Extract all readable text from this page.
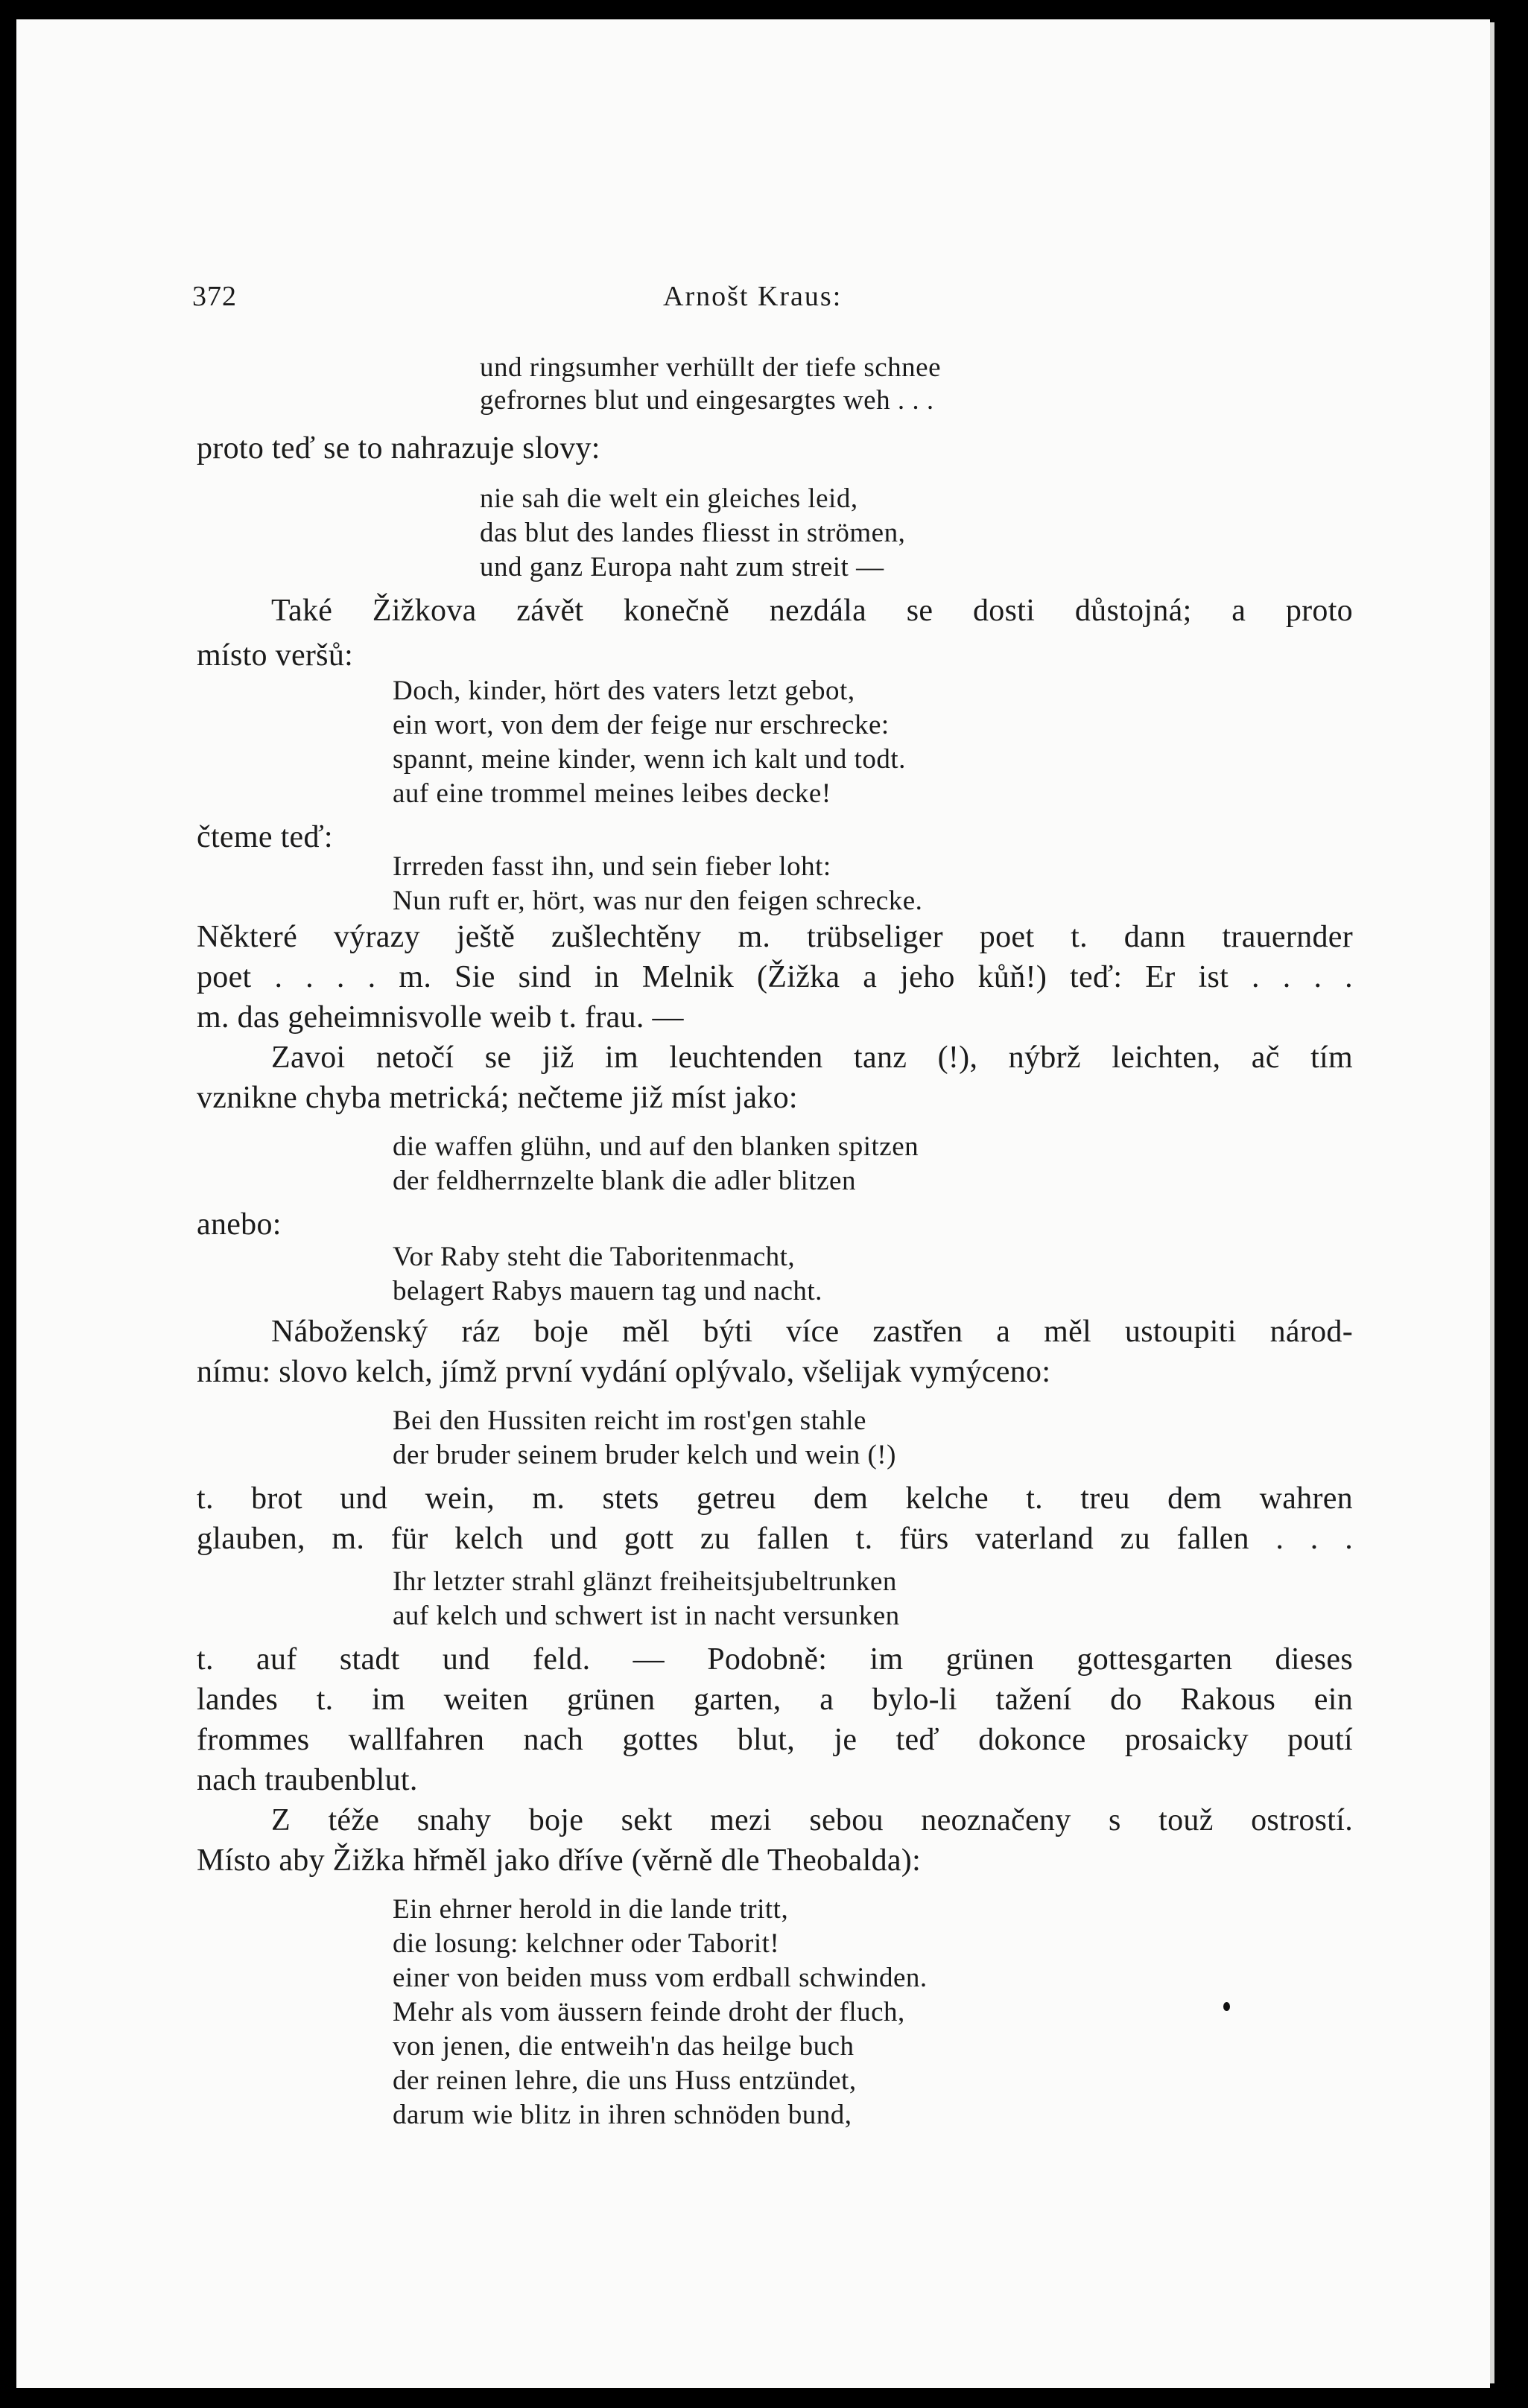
372	Arnošt Kraus:
und ringsumher verhüllt der tiefe schnee
gefrornes blut und eingesargtes weh . . .
proto teď se to nahrazuje slovy:
nie sah die welt ein gleiches leid,
das blut des landes fliesst in strömen,
und ganz Europa naht zum streit —
Také Žižkova závět konečně nezdála se dosti důstojná; a proto
místo veršů:
Doch, kinder, hört des vaters letzt gebot,
ein wort, von dem der feige nur erschrecke:
spannt, meine kinder, wenn ich kalt und todt.
auf eine trommel meines leibes decke!
čteme teď:
Irrreden fasst ihn, und sein fieber loht:
Nun ruft er, hört, was nur den feigen schrecke.
Některé výrazy ještě zušlechtěny m. trübseliger poet t. dann trauernder
poet . . . . m. Sie sind in Melnik (Žižka a jeho kůň!) teď: Er ist . . . .
m. das geheimnisvolle weib t. frau. —
Zavoi netočí se již im leuchtenden tanz (!), nýbrž leichten, ač tím
vznikne chyba metrická; nečteme již míst jako:
die waffen glühn, und auf den blanken spitzen
der feldherrnzelte blank die adler blitzen
anebo:
Vor Raby steht die Taboritenmacht,
belagert Rabys mauern tag und nacht.
Náboženský ráz boje měl býti více zastřen a měl ustoupiti národ-
nímu: slovo kelch, jímž první vydání oplývalo, všelijak vymýceno:
Bei den Hussiten reicht im rost'gen stahle
der bruder seinem bruder kelch und wein (!)
t. brot und wein, m. stets getreu dem kelche t. treu dem wahren
glauben, m. für kelch und gott zu fallen t. fürs vaterland zu fallen . . .
Ihr letzter strahl glänzt freiheitsjubeltrunken
auf kelch und schwert ist in nacht versunken
t. auf stadt und feld. — Podobně: im grünen gottesgarten dieses
landes t. im weiten grünen garten, a bylo-li tažení do Rakous ein
frommes wallfahren nach gottes blut, je teď dokonce prosaicky poutí
nach traubenblut.
Z téže snahy boje sekt mezi sebou neoznačeny s touž ostrostí.
Místo aby Žižka hřměl jako dříve (věrně dle Theobalda):
Ein ehrner herold in die lande tritt,
die losung: kelchner oder Taborit!
einer von beiden muss vom erdball schwinden.
Mehr als vom äussern feinde droht der fluch,
von jenen, die entweih'n das heilge buch
der reinen lehre, die uns Huss entzündet,
darum wie blitz in ihren schnöden bund,
